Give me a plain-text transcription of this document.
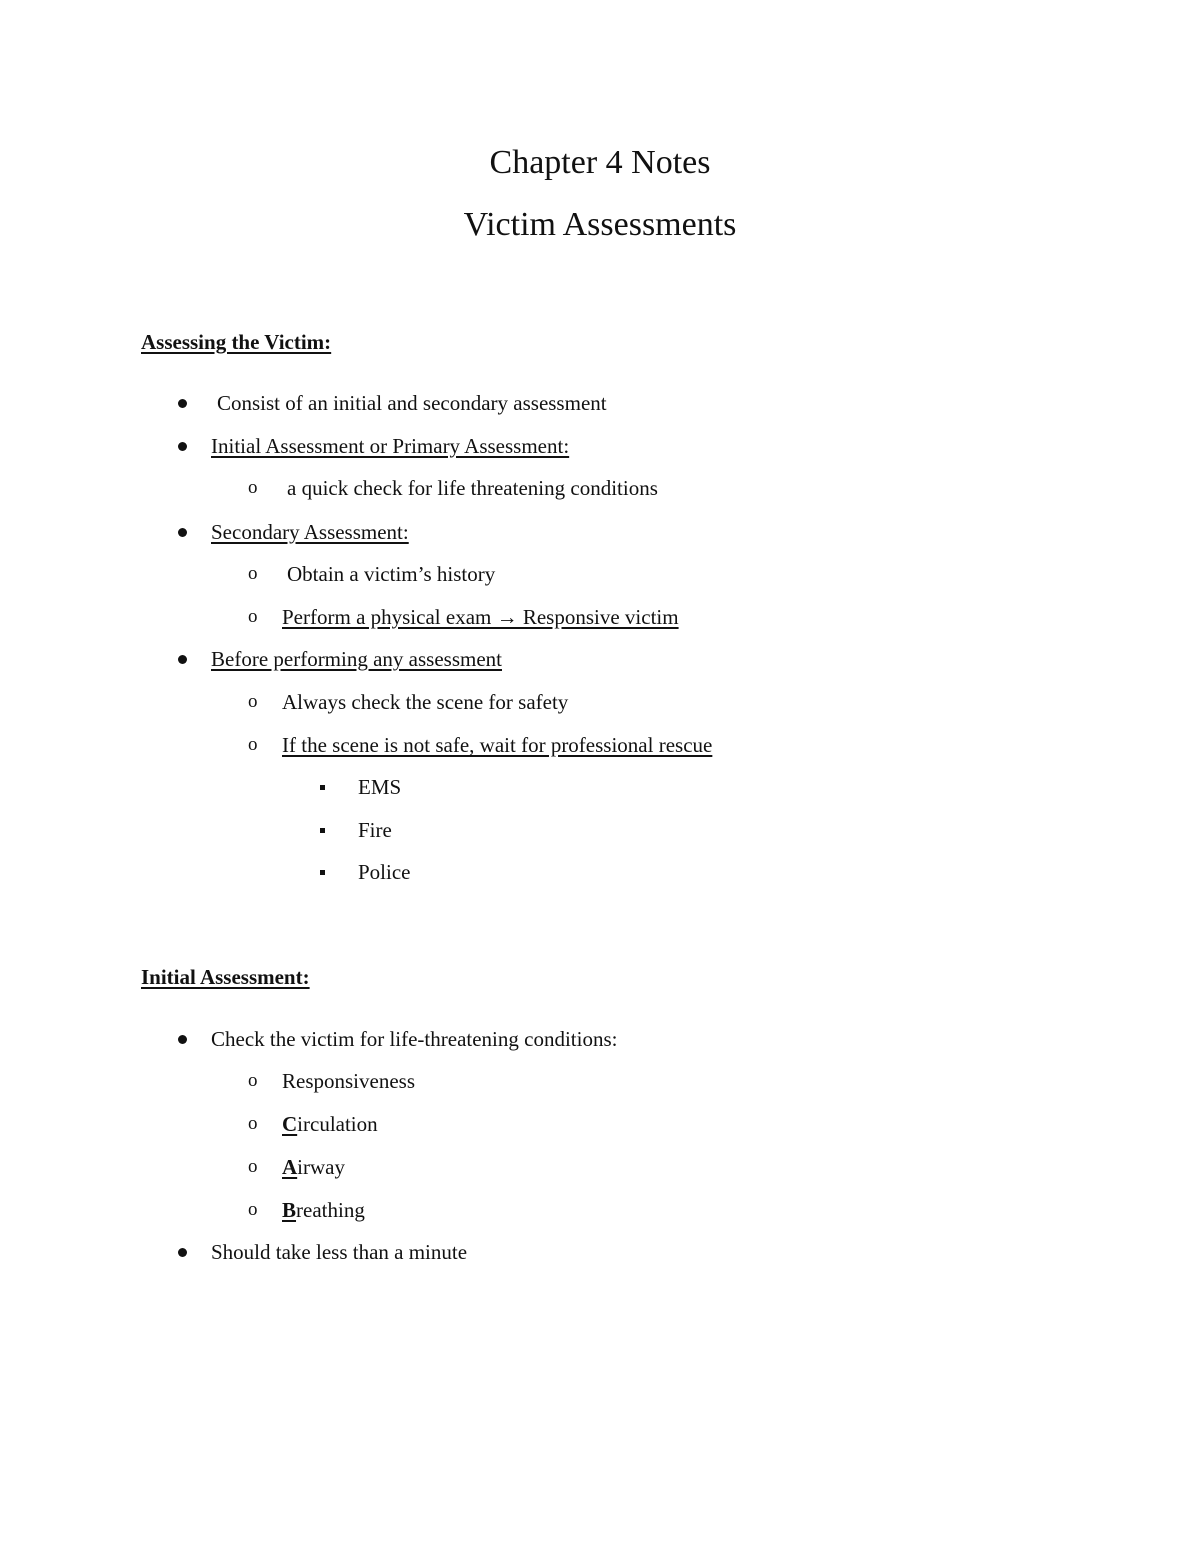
Chapter 4 Notes
Victim Assessments
Assessing the Victim:
Consist of an initial and secondary assessment
Initial Assessment or Primary Assessment:
o a quick check for life threatening conditions
Secondary Assessment:
o Obtain a victim’s history
o Perform a physical exam → Responsive victim
Before performing any assessment
o Always check the scene for safety
o If the scene is not safe, wait for professional rescue
EMS
Fire
Police
Initial Assessment:
Check the victim for life-threatening conditions:
o Responsiveness
o Circulation
o Airway
o Breathing
Should take less than a minute
